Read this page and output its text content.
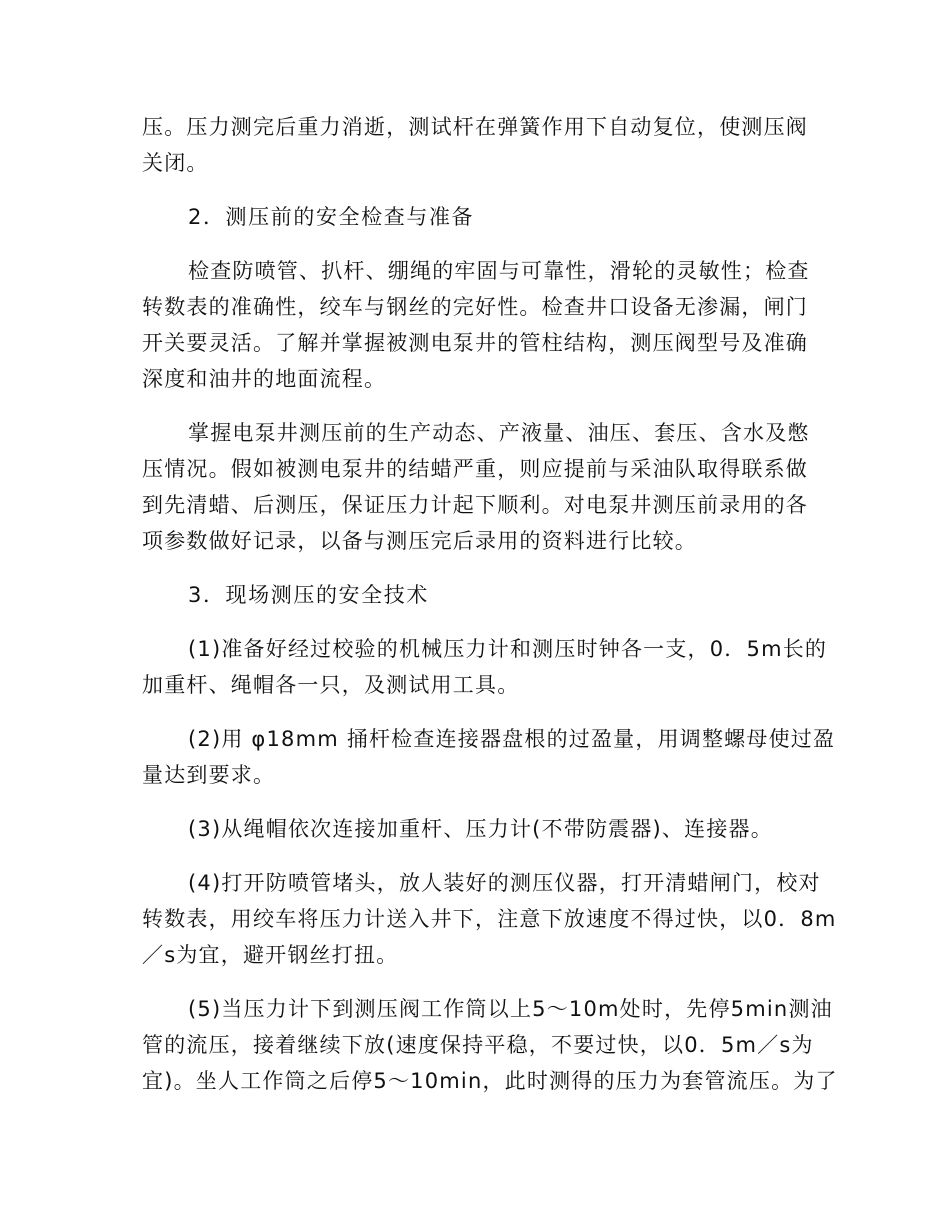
压。压力测完后重力消逝，测试杆在弹簧作用下自动复位，使测压阀
关闭。
2．测压前的安全检查与准备
检查防喷管、扒杆、绷绳的牢固与可靠性，滑轮的灵敏性；检查
转数表的准确性，绞车与钢丝的完好性。检查井口设备无渗漏，闸门
开关要灵活。了解并掌握被测电泵井的管柱结构，测压阀型号及准确
深度和油井的地面流程。
掌握电泵井测压前的生产动态、产液量、油压、套压、含水及憋
压情况。假如被测电泵井的结蜡严重，则应提前与采油队取得联系做
到先清蜡、后测压，保证压力计起下顺利。对电泵井测压前录用的各
项参数做好记录，以备与测压完后录用的资料进行比较。
3．现场测压的安全技术
(1)准备好经过校验的机械压力计和测压时钟各一支，0．5m长的
加重杆、绳帽各一只，及测试用工具。
(2)用 φ18mm 捅杆检查连接器盘根的过盈量，用调整螺母使过盈
量达到要求。
(3)从绳帽依次连接加重杆、压力计(不带防震器)、连接器。
(4)打开防喷管堵头，放人装好的测压仪器，打开清蜡闸门，校对
转数表，用绞车将压力计送入井下，注意下放速度不得过快，以0．8m
／s为宜，避开钢丝打扭。
(5)当压力计下到测压阀工作筒以上5～10m处时，先停5min测油
管的流压，接着继续下放(速度保持平稳，不要过快，以0．5m／s为
宜)。坐人工作筒之后停5～10min，此时测得的压力为套管流压。为了
